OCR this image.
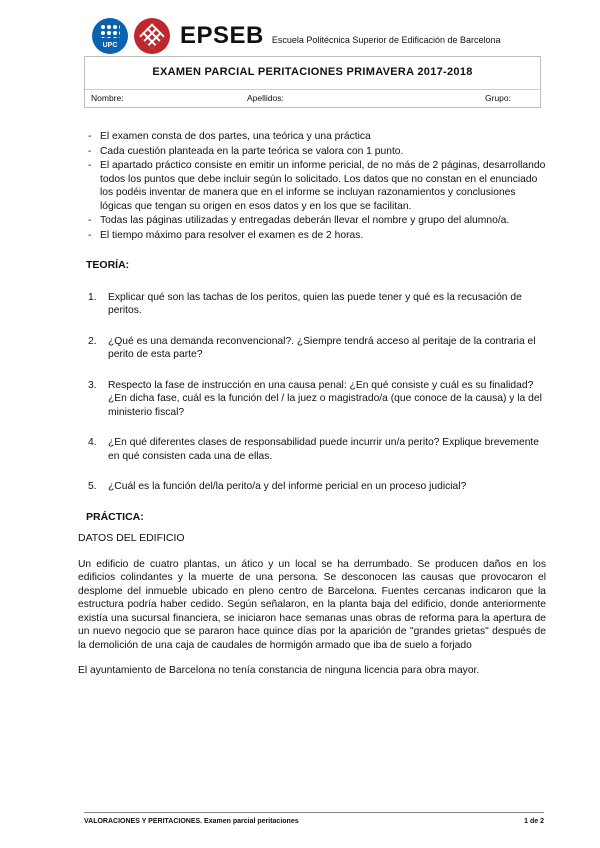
UPC	EPSEB Escuela Politécnica Superior de Edificación de Barcelona
EXAMEN PARCIAL PERITACIONES PRIMAVERA 2017-2018
Nombre:	Apellidos:	Grupo:
- El examen consta de dos partes, una teórica y una práctica
- Cada cuestión planteada en la parte teórica se valora con 1 punto.
- El apartado práctico consiste en emitir un informe pericial, de no más de 2 páginas, desarrollando todos los puntos que debe incluir según lo solicitado. Los datos que no constan en el enunciado los podéis inventar de manera que en el informe se incluyan razonamientos y conclusiones lógicas que tengan su origen en esos datos y en los que se facilitan.
- Todas las páginas utilizadas y entregadas deberán llevar el nombre y grupo del alumno/a.
- El tiempo máximo para resolver el examen es de 2 horas.
TEORÍA:
1. Explicar qué son las tachas de los peritos, quien las puede tener y qué es la recusación de peritos.
2. ¿Qué es una demanda reconvencional?. ¿Siempre tendrá acceso al peritaje de la contraria el perito de esta parte?
3. Respecto la fase de instrucción en una causa penal: ¿En qué consiste y cuál es su finalidad? ¿En dicha fase, cuál es la función del / la juez o magistrado/a (que conoce de la causa) y la del ministerio fiscal?
4. ¿En qué diferentes clases de responsabilidad puede incurrir un/a perito? Explique brevemente en qué consisten cada una de ellas.
5. ¿Cuál es la función del/la perito/a y del informe pericial en un proceso judicial?
PRÁCTICA:
DATOS DEL EDIFICIO

Un edificio de cuatro plantas, un ático y un local se ha derrumbado. Se producen daños en los edificios colindantes y la muerte de una persona. Se desconocen las causas que provocaron el desplome del inmueble ubicado en pleno centro de Barcelona. Fuentes cercanas indicaron que la estructura podría haber cedido. Según señalaron, en la planta baja del edificio, donde anteriormente existía una sucursal financiera, se iniciaron hace semanas unas obras de reforma para la apertura de un nuevo negocio que se pararon hace quince días por la aparición de "grandes grietas" después de la demolición de una caja de caudales de hormigón armado que iba de suelo a forjado

El ayuntamiento de Barcelona no tenía constancia de ninguna licencia para obra mayor.

VALORACIONES Y PERITACIONES. Examen parcial peritaciones	1 de 2
